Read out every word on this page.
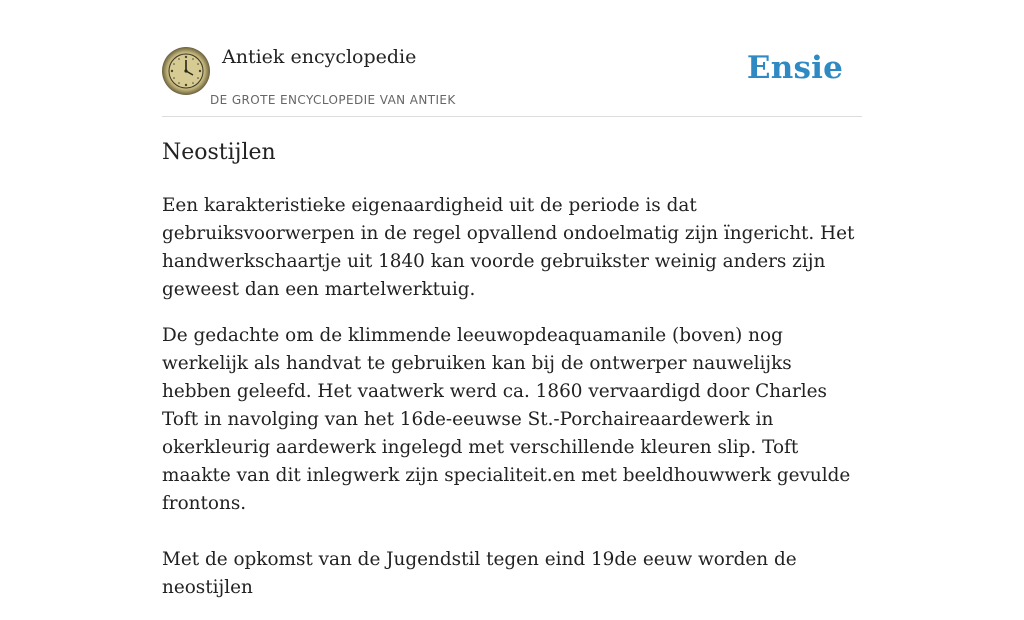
Antiek encyclopedie
DE GROTE ENCYCLOPEDIE VAN ANTIEK
Ensie
Neostijlen

Een karakteristieke eigenaardigheid uit de periode is dat gebruiksvoorwerpen in de regel opvallend ondoelmatig zijn ïngericht. Het handwerkschaartje uit 1840 kan voorde gebruikster weinig anders zijn geweest dan een martelwerktuig.

De gedachte om de klimmende leeuwopdeaquamanile (boven) nog werkelijk als handvat te gebruiken kan bij de ontwerper nauwelijks hebben geleefd. Het vaatwerk werd ca. 1860 vervaardigd door Charles Toft in navolging van het 16de-eeuwse St.-Porchaireaardewerk in okerkleurig aardewerk ingelegd met verschillende kleuren slip. Toft maakte van dit inlegwerk zijn specialiteit.en met beeldhouwwerk gevulde frontons.

Met de opkomst van de Jugendstil tegen eind 19de eeuw worden de neostijlen
